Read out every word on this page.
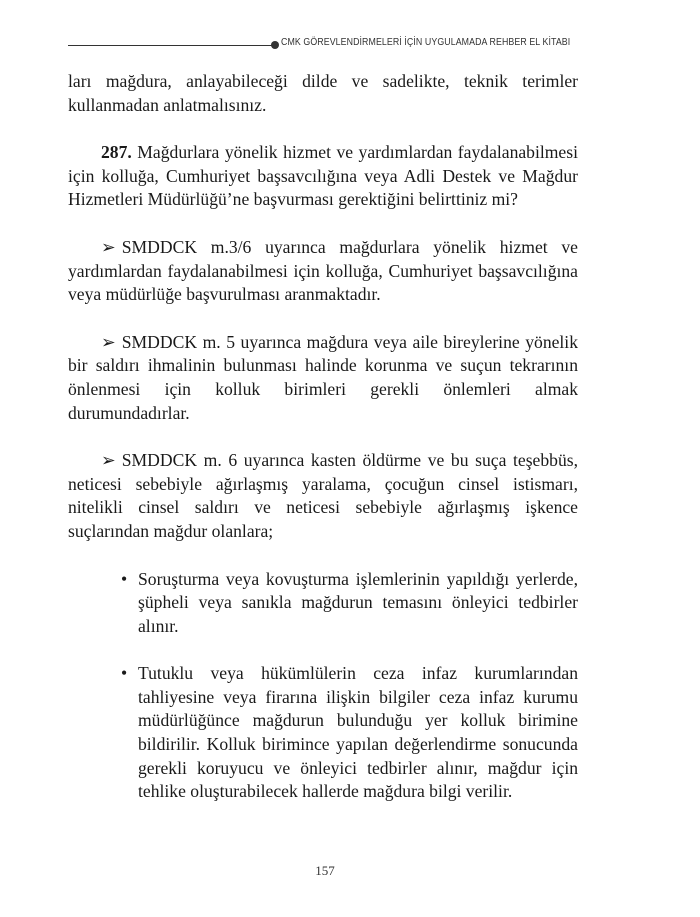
CMK GÖREVLENDİRMELERİ İÇİN UYGULAMADA REHBER EL KİTABI

ları mağdura, anlayabileceği dilde ve sadelikte, teknik terimler kullanmadan anlatmalısınız.

287. Mağdurlara yönelik hizmet ve yardımlardan faydalanabilmesi için kolluğa, Cumhuriyet başsavcılığına veya Adli Destek ve Mağdur Hizmetleri Müdürlüğü’ne başvurması gerektiğini belirttiniz mi?

➢ SMDDCK m.3/6 uyarınca mağdurlara yönelik hizmet ve yardımlardan faydalanabilmesi için kolluğa, Cumhuriyet başsavcılığına veya müdürlüğe başvurulması aranmaktadır.

➢ SMDDCK m. 5 uyarınca mağdura veya aile bireylerine yönelik bir saldırı ihmalinin bulunması halinde korunma ve suçun tekrarının önlenmesi için kolluk birimleri gerekli önlemleri almak durumundadırlar.

➢ SMDDCK m. 6 uyarınca kasten öldürme ve bu suça teşebbüs, neticesi sebebiyle ağırlaşmış yaralama, çocuğun cinsel istismarı, nitelikli cinsel saldırı ve neticesi sebebiyle ağırlaşmış işkence suçlarından mağdur olanlara;

• Soruşturma veya kovuşturma işlemlerinin yapıldığı yerlerde, şüpheli veya sanıkla mağdurun temasını önleyici tedbirler alınır.

• Tutuklu veya hükümlülerin ceza infaz kurumlarından tahliyesine veya firarına ilişkin bilgiler ceza infaz kurumu müdürlüğünce mağdurun bulunduğu yer kolluk birimine bildirilir. Kolluk birimince yapılan değerlendirme sonucunda gerekli koruyucu ve önleyici tedbirler alınır, mağdur için tehlike oluşturabilecek hallerde mağdura bilgi verilir.

157
